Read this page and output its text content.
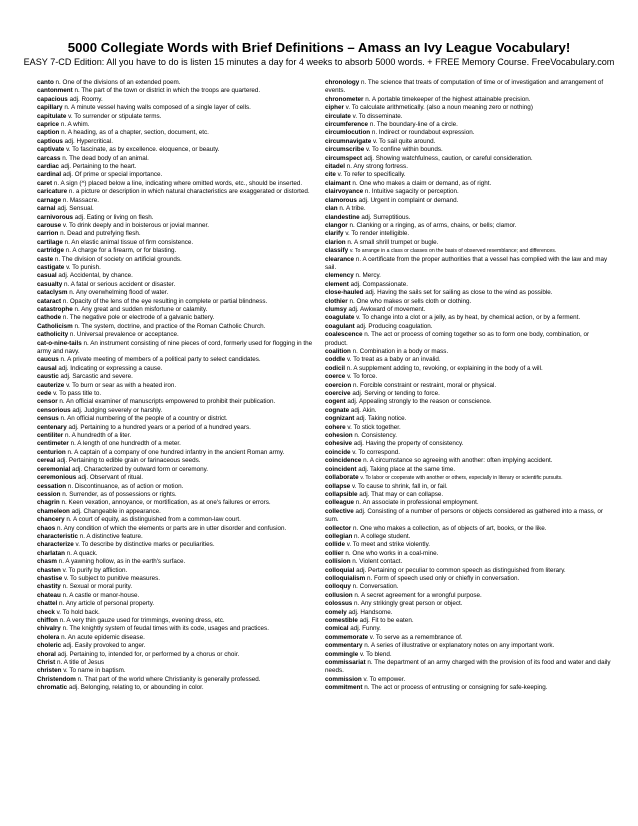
5000 Collegiate Words with Brief Definitions – Amass an Ivy League Vocabulary!
EASY 7-CD Edition: All you have to do is listen 15 minutes a day for 4 weeks to absorb 5000 words. + FREE Memory Course. FreeVocabulary.com

canto n. One of the divisions of an extended poem.

cantonment n. The part of the town or district in which the troops are quartered.

capacious adj. Roomy.

capillary n. A minute vessel having walls composed of a single layer of cells.

capitulate v. To surrender or stipulate terms.

caprice n. A whim.

caption n. A heading, as of a chapter, section, document, etc.

captious adj. Hypercritical.

captivate v. To fascinate, as by excellence. eloquence, or beauty.

carcass n. The dead body of an animal.

cardiac adj. Pertaining to the heart.

cardinal adj. Of prime or special importance.

caret n. A sign (^) placed below a line, indicating where omitted words, etc., should be inserted.

caricature n. a picture or description in which natural characteristics are exaggerated or distorted.

carnage n. Massacre.

carnal adj. Sensual.

carnivorous adj. Eating or living on flesh.

carouse v. To drink deeply and in boisterous or jovial manner.

carrion n. Dead and putrefying flesh.

cartilage n. An elastic animal tissue of firm consistence.

cartridge n. A charge for a firearm, or for blasting.

caste n. The division of society on artificial grounds.

castigate v. To punish.

casual adj. Accidental, by chance.

casualty n. A fatal or serious accident or disaster.

cataclysm n. Any overwhelming flood of water.

cataract n. Opacity of the lens of the eye resulting in complete or partial blindness.

catastrophe n. Any great and sudden misfortune or calamity.

cathode n. The negative pole or electrode of a galvanic battery.

Catholicism n. The system, doctrine, and practice of the Roman Catholic Church.

catholicity n. Universal prevalence or acceptance.

cat-o-nine-tails n. An instrument consisting of nine pieces of cord, formerly used for flogging in the army and navy.

caucus n. A private meeting of members of a political party to select candidates.

causal adj. Indicating or expressing a cause.

caustic adj. Sarcastic and severe.

cauterize v. To burn or sear as with a heated iron.

cede v. To pass title to.

censor n. An official examiner of manuscripts empowered to prohibit their publication.

censorious adj. Judging severely or harshly.

census n. An official numbering of the people of a country or district.

centenary adj. Pertaining to a hundred years or a period of a hundred years.

centiliter n. A hundredth of a liter.

centimeter n. A length of one hundredth of a meter.

centurion n. A captain of a company of one hundred infantry in the ancient Roman army.

cereal adj. Pertaining to edible grain or farinaceous seeds.

ceremonial adj. Characterized by outward form or ceremony.

ceremonious adj. Observant of ritual.

cessation n. Discontinuance, as of action or motion.

cession n. Surrender, as of possessions or rights.

chagrin n. Keen vexation, annoyance, or mortification, as at one's failures or errors.

chameleon adj. Changeable in appearance.

chancery n. A court of equity, as distinguished from a common-law court.

chaos n. Any condition of which the elements or parts are in utter disorder and confusion.

characteristic n. A distinctive feature.

characterize v. To describe by distinctive marks or peculiarities.

charlatan n. A quack.

chasm n. A yawning hollow, as in the earth's surface.

chasten v. To purify by affliction.

chastise v. To subject to punitive measures.

chastity n. Sexual or moral purity.

chateau n. A castle or manor-house.

chattel n. Any article of personal property.

check v. To hold back.

chiffon n. A very thin gauze used for trimmings, evening dress, etc.

chivalry n. The knightly system of feudal times with its code, usages and practices.

cholera n. An acute epidemic disease.

choleric adj. Easily provoked to anger.

choral adj. Pertaining to, intended for, or performed by a chorus or choir.

Christ n. A title of Jesus

christen v. To name in baptism.

Christendom n. That part of the world where Christianity is generally professed.

chromatic adj. Belonging, relating to, or abounding in color.

chronology n. The science that treats of computation of time or of investigation and arrangement of events.

chronometer n. A portable timekeeper of the highest attainable precision.

cipher v. To calculate arithmetically. (also a noun meaning zero or nothing)

circulate v. To disseminate.

circumference n. The boundary-line of a circle.

circumlocution n. Indirect or roundabout expression.

circumnavigate v. To sail quite around.

circumscribe v. To confine within bounds.

circumspect adj. Showing watchfulness, caution, or careful consideration.

citadel n. Any strong fortress.

cite v. To refer to specifically.

claimant n. One who makes a claim or demand, as of right.

clairvoyance n. Intuitive sagacity or perception.

clamorous adj. Urgent in complaint or demand.

clan n. A tribe.

clandestine adj. Surreptitious.

clangor n. Clanking or a ringing, as of arms, chains, or bells; clamor.

clarify v. To render intelligible.

clarion n. A small shrill trumpet or bugle.

classify v. To arrange in a class or classes on the basis of observed resemblance; and differences.

clearance n. A certificate from the proper authorities that a vessel has complied with the law and may sail.

clemency n. Mercy.

clement adj. Compassionate.

close-hauled adj. Having the sails set for sailing as close to the wind as possible.

clothier n. One who makes or sells cloth or clothing.

clumsy adj. Awkward of movement.

coagulate v. To change into a clot or a jelly, as by heat, by chemical action, or by a ferment.

coagulant adj. Producing coagulation.

coalescence n. The act or process of coming together so as to form one body, combination, or product.

coalition n. Combination in a body or mass.

coddle v. To treat as a baby or an invalid.

codicil n. A supplement adding to, revoking, or explaining in the body of a will.

coerce v. To force.

coercion n. Forcible constraint or restraint, moral or physical.

coercive adj. Serving or tending to force.

cogent adj. Appealing strongly to the reason or conscience.

cognate adj. Akin.

cognizant adj. Taking notice.

cohere v. To stick together.

cohesion n. Consistency.

cohesive adj. Having the property of consistency.

coincide v. To correspond.

coincidence n. A circumstance so agreeing with another: often implying accident.

coincident adj. Taking place at the same time.

collaborate v. To labor or cooperate with another or others, especially in literary or scientific pursuits.

collapse v. To cause to shrink, fall in, or fail.

collapsible adj. That may or can collapse.

colleague n. An associate in professional employment.

collective adj. Consisting of a number of persons or objects considered as gathered into a mass, or sum.

collector n. One who makes a collection, as of objects of art, books, or the like.

collegian n. A college student.

collide v. To meet and strike violently.

collier n. One who works in a coal-mine.

collision n. Violent contact.

colloquial adj. Pertaining or peculiar to common speech as distinguished from literary.

colloquialism n. Form of speech used only or chiefly in conversation.

colloquy n. Conversation.

collusion n. A secret agreement for a wrongful purpose.

colossus n. Any strikingly great person or object.

comely adj. Handsome.

comestible adj. Fit to be eaten.

comical adj. Funny.

commemorate v. To serve as a remembrance of.

commentary n. A series of illustrative or explanatory notes on any important work.

commingle v. To blend.

commissariat n. The department of an army charged with the provision of its food and water and daily needs.

commission v. To empower.

commitment n. The act or process of entrusting or consigning for safe-keeping.
